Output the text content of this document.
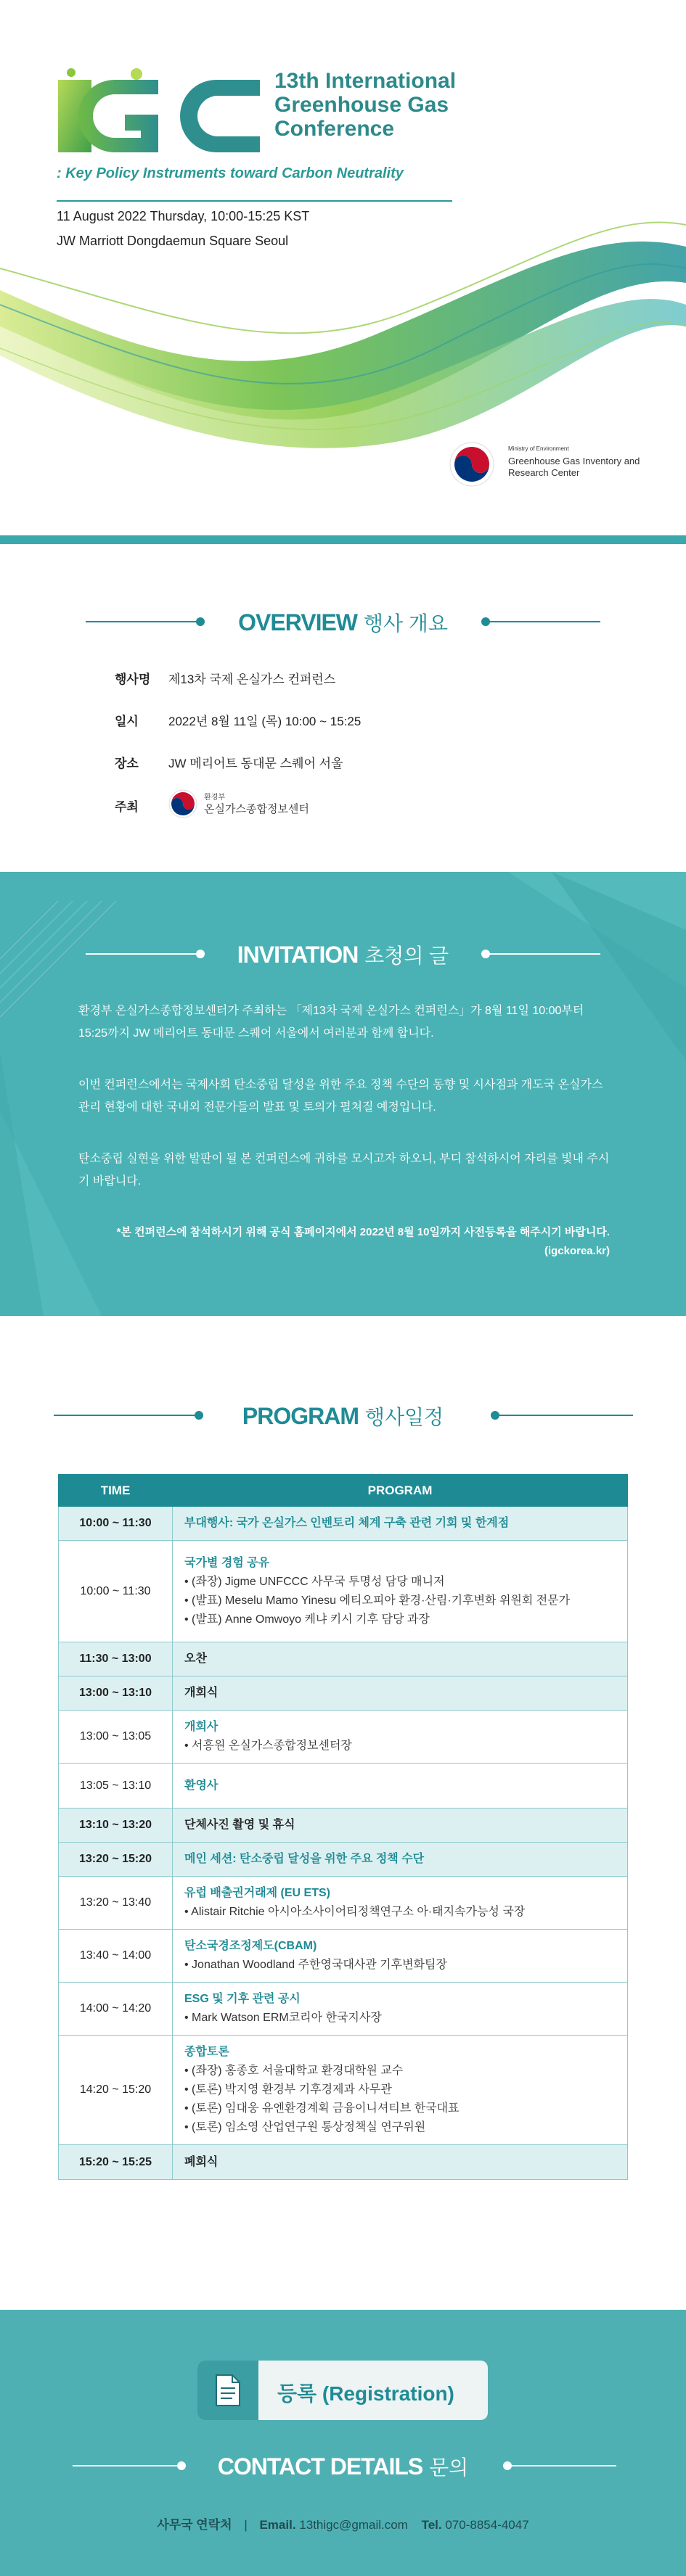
13th International
Greenhouse Gas
Conference
: Key Policy Instruments toward Carbon Neutrality
11 August 2022 Thursday, 10:00-15:25 KST
JW Marriott Dongdaemun Square Seoul
Ministry of Environment
Greenhouse Gas Inventory and Research Center
OVERVIEW 행사 개요
행사명 제13차 국제 온실가스 컨퍼런스
일시 2022년 8월 11일 (목) 10:00 ~ 15:25
장소 JW 메리어트 동대문 스퀘어 서울
주최
환경부
온실가스종합정보센터
INVITATION 초청의 글

환경부 온실가스종합정보센터가 주최하는 「제13차 국제 온실가스 컨퍼런스」가 8월 11일 10:00부터 15:25까지 JW 메리어트 동대문 스퀘어 서울에서 여러분과 함께 합니다.

이번 컨퍼런스에서는 국제사회 탄소중립 달성을 위한 주요 정책 수단의 동향 및 시사점과 개도국 온실가스 관리 현황에 대한 국내외 전문가들의 발표 및 토의가 펼쳐질 예정입니다.

탄소중립 실현을 위한 발판이 될 본 컨퍼런스에 귀하를 모시고자 하오니, 부디 참석하시어 자리를 빛내 주시기 바랍니다.

*본 컨퍼런스에 참석하시기 위해 공식 홈페이지에서 2022년 8월 10일까지 사전등록을 해주시기 바랍니다.
(igckorea.kr)
PROGRAM 행사일정
TIME	PROGRAM
10:00 ~ 11:30	부대행사: 국가 온실가스 인벤토리 체계 구축 관련 기회 및 한계점

10:00 ~ 11:30	국가별 경험 공유
• (좌장) Jigme UNFCCC 사무국 투명성 담당 매니저
• (발표) Meselu Mamo Yinesu 에티오피아 환경·산림·기후변화 위원회 전문가
• (발표) Anne Omwoyo 케냐 키시 기후 담당 과장

11:30 ~ 13:00	오찬

13:00 ~ 13:10	개회식

13:00 ~ 13:05	개회사
• 서흥원 온실가스종합정보센터장

13:05 ~ 13:10	환영사

13:10 ~ 13:20	단체사진 촬영 및 휴식

13:20 ~ 15:20	메인 세션: 탄소중립 달성을 위한 주요 정책 수단

13:20 ~ 13:40	유럽 배출권거래제 (EU ETS)
• Alistair Ritchie 아시아소사이어티정책연구소 아·태지속가능성 국장

13:40 ~ 14:00	탄소국경조정제도(CBAM)
• Jonathan Woodland 주한영국대사관 기후변화팀장

14:00 ~ 14:20	ESG 및 기후 관련 공시
• Mark Watson ERM코리아 한국지사장

14:20 ~ 15:20	종합토론
• (좌장) 홍종호 서울대학교 환경대학원 교수
• (토론) 박지영 환경부 기후경제과 사무관
• (토론) 임대웅 유엔환경계획 금융이니셔티브 한국대표
• (토론) 임소영 산업연구원 통상정책실 연구위원

15:20 ~ 15:25	폐회식
등록 (Registration)
CONTACT DETAILS 문의
사무국 연락처 | Email. 13thigc@gmail.com Tel. 070-8854-4047
